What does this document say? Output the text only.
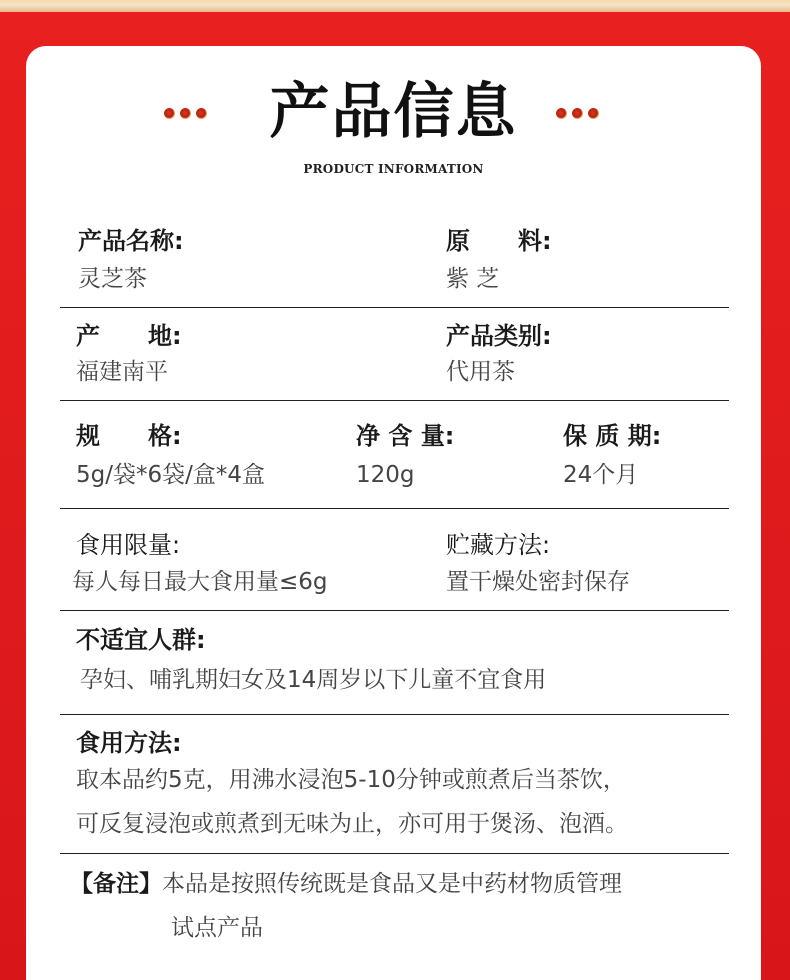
产品信息
PRODUCT INFORMATION
产品名称:
灵芝茶
原　　料:
紫 芝
产　　地:
福建南平
产品类别:
代用茶
规　　格:
5g/袋*6袋/盒*4盒
净 含 量:
120g
保 质 期:
24个月
食用限量:
每人每日最大食用量≤6g
贮藏方法:
置干燥处密封保存
不适宜人群:
孕妇、哺乳期妇女及14周岁以下儿童不宜食用
食用方法:
取本品约5克，用沸水浸泡5-10分钟或煎煮后当茶饮，
可反复浸泡或煎煮到无味为止，亦可用于煲汤、泡酒。
【备注】 本品是按照传统既是食品又是中药材物质管理
试点产品
